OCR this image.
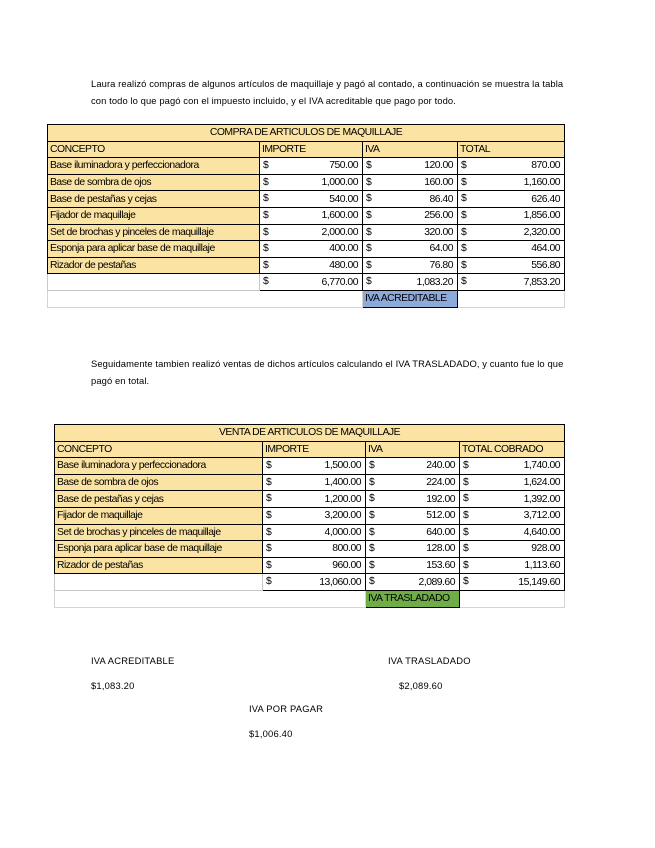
Laura realizó compras de algunos artículos de maquillaje y pagó al contado, a continuación se muestra la tabla con todo lo que pagó con el impuesto incluido, y el IVA acreditable que pago por todo.
COMPRA DE ARTICULOS DE MAQUILLAJE			
CONCEPTO	IMPORTE	IVA	TOTAL
Base iluminadora y perfeccionadora	$ 750.00	$ 120.00	$ 870.00

Base de sombra de ojos	$ 1,000.00	$ 160.00	$ 1,160.00

Base de pestañas y cejas	$ 540.00	$ 86.40	$ 626.40

Fijador de maquillaje	$ 1,600.00	$ 256.00	$ 1,856.00

Set de brochas y pinceles de maquillaje	$ 2,000.00	$ 320.00	$ 2,320.00

Esponja para aplicar base de maquillaje	$ 400.00	$ 64.00	$ 464.00

Rizador de pestañas	$ 480.00	$ 76.80	$ 556.80

	$ 6,770.00	$ 1,083.20	$ 7,853.20

		IVA ACREDITABLE	
Seguidamente tambien realizó ventas de dichos artículos calculando el IVA TRASLADADO, y cuanto fue lo que pagó en total.
VENTA DE ARTICULOS DE MAQUILLAJE			
CONCEPTO	IMPORTE	IVA	TOTAL COBRADO
Base iluminadora y perfeccionadora	$ 1,500.00	$ 240.00	$ 1,740.00

Base de sombra de ojos	$ 1,400.00	$ 224.00	$ 1,624.00

Base de pestañas y cejas	$ 1,200.00	$ 192.00	$ 1,392.00

Fijador de maquillaje	$ 3,200.00	$ 512.00	$ 3,712.00

Set de brochas y pinceles de maquillaje	$ 4,000.00	$ 640.00	$ 4,640.00

Esponja para aplicar base de maquillaje	$ 800.00	$ 128.00	$ 928.00

Rizador de pestañas	$ 960.00	$ 153.60	$ 1,113.60

	$ 13,060.00	$ 2,089.60	$ 15,149.60

		IVA TRASLADADO	
IVA ACREDITABLE
$1,083.20
IVA TRASLADADO
$2,089.60
IVA POR PAGAR
$1,006.40
